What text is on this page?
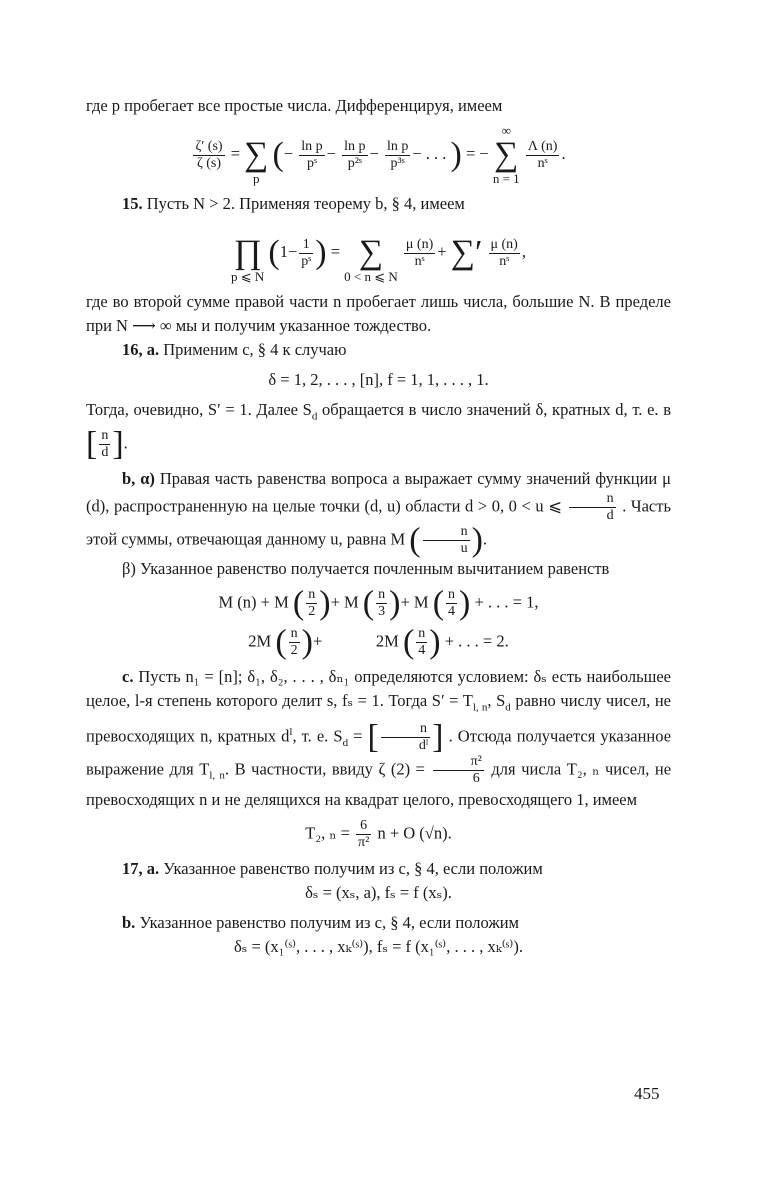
где p пробегает все простые числа. Дифференцируя, имеем

$\frac{\zeta' (s)}{\zeta (s)}$ =
∑
p
(− $\frac{\text{ln p}}{\text{pˢ}} - \frac{\text{ln p}}{\text{p²ˢ}} - \frac{\text{ln p}}{\text{p³ˢ}}$ − . . . ) = −
∞
∑
n = 1

$\frac{\Lambda (n)}{\text{nˢ}}$ .

15. Пусть N > 2. Применяя теорему b, § 4, имеем

∏
p ⩽ N
($1- \frac{1}{\text{pˢ}}$ ) =
∑
0 < n ⩽ N

$\frac{\mu (n)}{\text{nˢ}}$ +
∑′

$\frac{\mu (n)}{\text{nˢ}}$ ,

где во второй сумме правой части n пробегает лишь числа, большие N. В пределе при N ⟶ ∞ мы и получим указанное тождество.

16, a. Применим c, § 4 к случаю

δ = 1, 2, . . . , [n], f = 1, 1, . . . , 1.

Тогда, очевидно, S′ = 1. Далее $S_d$ обращается в число значений δ, кратных d, т. е. в [ $\frac{n}{d}$ ].

b, α) Правая часть равенства вопроса a выражает сумму значений функции μ (d), распространенную на целые точки (d, u) области d > 0, 0 < u ⩽ $\frac{n}{d}$ . Часть этой суммы, отвечающая данному u, равна M ( $\frac{n}{u}$ ).

β) Указанное равенство получается почленным вычитанием равенств

M (n) + M ( $\frac{n}{2}$ )+ M ( $\frac{n}{3}$ )+ M ( $\frac{n}{4}$ ) + . . . = 1,
2M ( $\frac{n}{2}$ )+             2M ( $\frac{n}{4}$ ) + . . . = 2.

c. Пусть n₁ = [n]; δ₁, δ₂, . . . , δₙ₁ определяются условием: δₛ есть наибольшее целое, l-я степень которого делит s, fₛ = 1. Тогда $S' = T_{l, n}$, $S_d$ равно числу чисел, не превосходящих n, кратных $d^l$, т. е. $S_d$ = [ $\frac{n}{\text{dˡ}}$ ] . Отсюда получается указанное выражение для $T_{l, n}$. В частности, ввиду ζ $(2) = \frac{\text{π²}}{6}$ для числа T₂, ₙ чисел, не превосходящих n и не делящихся на квадрат целого, превосходящего 1, имеем

T₂, $_n = \frac{6}{\text{π²}}$ n + O (√n).

17, a. Указанное равенство получим из c, § 4, если положим

δₛ = (xₛ, a), fₛ = f (xₛ).

b. Указанное равенство получим из c, § 4, если положим

δₛ = (x₁⁽ˢ⁾, . . . , xₖ⁽ˢ⁾), fₛ = f (x₁⁽ˢ⁾, . . . , xₖ⁽ˢ⁾).

455
